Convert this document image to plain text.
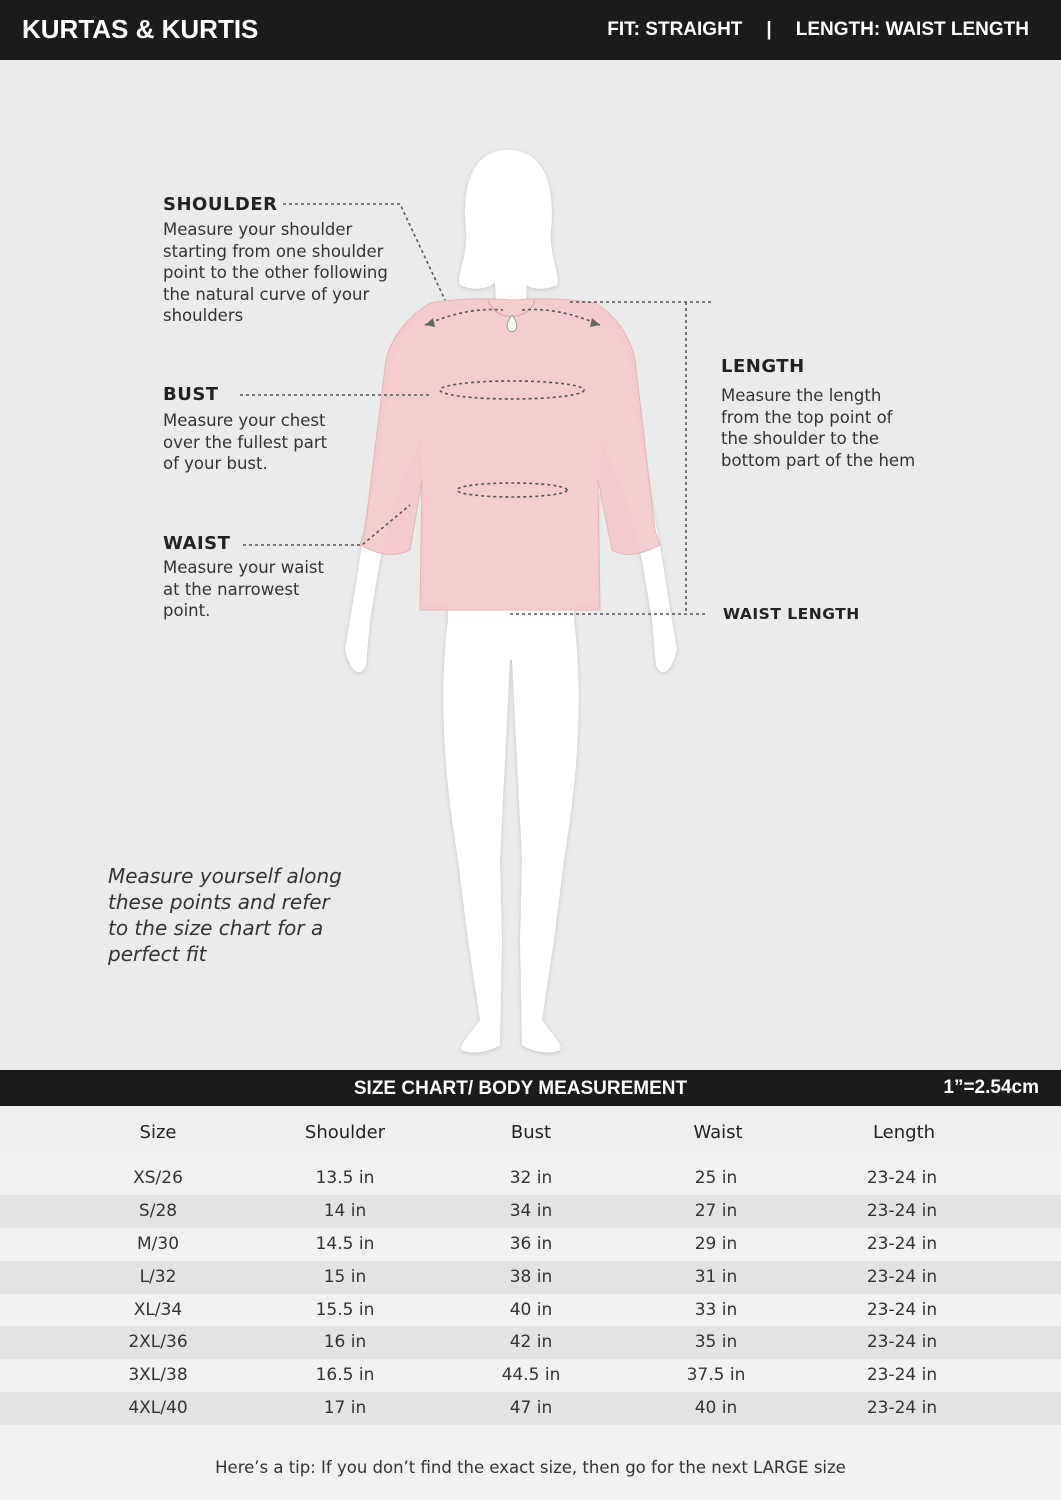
KURTAS & KURTIS	FIT: STRAIGHT | LENGTH: WAIST LENGTH
SHOULDER
Measure your shoulder
starting from one shoulder
point to the other following
the natural curve of your
shoulders
BUST
Measure your chest
over the fullest part
of your bust.
WAIST
Measure your waist
at the narrowest
point.
LENGTH
Measure the length
from the top point of
the shoulder to the
bottom part of the hem
WAIST LENGTH
Measure yourself along
these points and refer
to the size chart for a
perfect fit
SIZE CHART/ BODY MEASUREMENT	1”=2.54cm
Size	Shoulder	Bust	Waist	Length
XS/26	13.5 in	32 in	25 in	23-24 in
S/28	14 in	34 in	27 in	23-24 in
M/30	14.5 in	36 in	29 in	23-24 in
L/32	15 in	38 in	31 in	23-24 in
XL/34	15.5 in	40 in	33 in	23-24 in
2XL/36	16 in	42 in	35 in	23-24 in
3XL/38	16.5 in	44.5 in	37.5 in	23-24 in
4XL/40	17 in	47 in	40 in	23-24 in
Here’s a tip: If you don’t find the exact size, then go for the next LARGE size
